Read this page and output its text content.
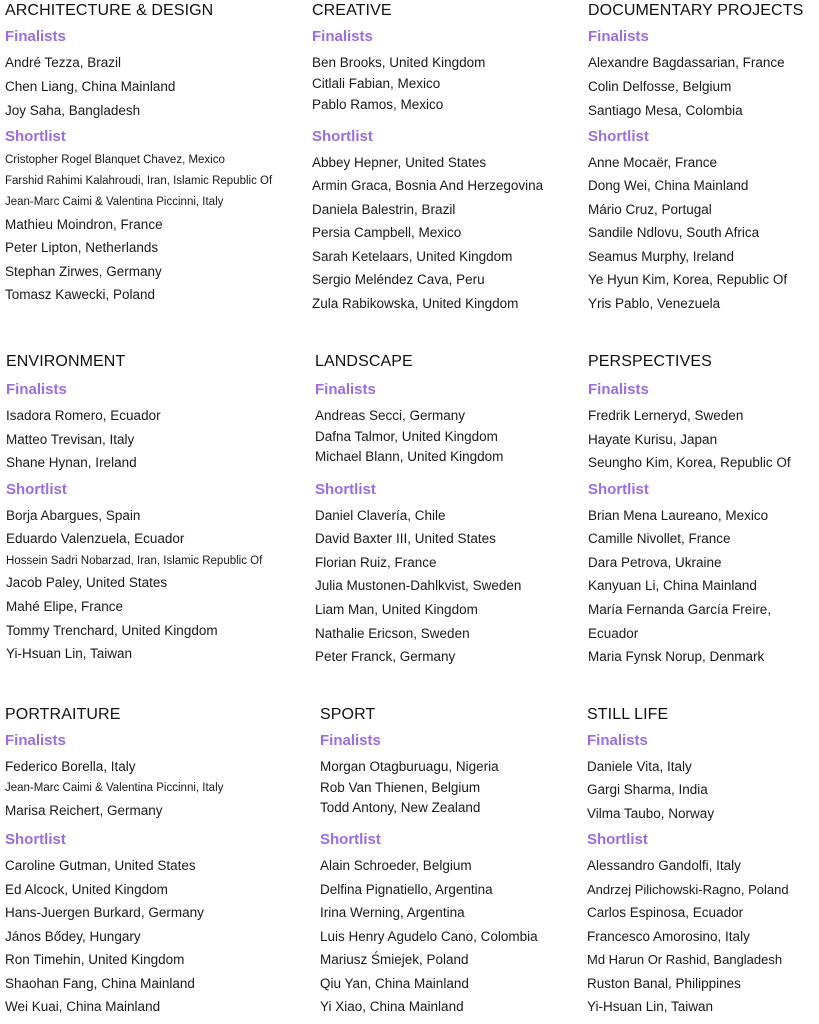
ARCHITECTURE & DESIGN
Finalists
André Tezza, Brazil
Chen Liang, China Mainland
Joy Saha, Bangladesh
Shortlist
Cristopher Rogel Blanquet Chavez, Mexico
Farshid Rahimi Kalahroudi, Iran, Islamic Republic Of
Jean-Marc Caimi & Valentina Piccinni, Italy
Mathieu Moindron, France
Peter Lipton, Netherlands
Stephan Zirwes, Germany
Tomasz Kawecki, Poland
CREATIVE
Finalists
Ben Brooks, United Kingdom
Citlali Fabian, Mexico
Pablo Ramos, Mexico
Shortlist
Abbey Hepner, United States
Armin Graca, Bosnia And Herzegovina
Daniela Balestrin, Brazil
Persia Campbell, Mexico
Sarah Ketelaars, United Kingdom
Sergio Meléndez Cava, Peru
Zula Rabikowska, United Kingdom
DOCUMENTARY PROJECTS
Finalists
Alexandre Bagdassarian, France
Colin Delfosse, Belgium
Santiago Mesa, Colombia
Shortlist
Anne Mocaër, France
Dong Wei, China Mainland
Mário Cruz, Portugal
Sandile Ndlovu, South Africa
Seamus Murphy, Ireland
Ye Hyun Kim, Korea, Republic Of
Yris Pablo, Venezuela
ENVIRONMENT
Finalists
Isadora Romero, Ecuador
Matteo Trevisan, Italy
Shane Hynan, Ireland
Shortlist
Borja Abargues, Spain
Eduardo Valenzuela, Ecuador
Hossein Sadri Nobarzad, Iran, Islamic Republic Of
Jacob Paley, United States
Mahé Elipe, France
Tommy Trenchard, United Kingdom
Yi-Hsuan Lin, Taiwan
LANDSCAPE
Finalists
Andreas Secci, Germany
Dafna Talmor, United Kingdom
Michael Blann, United Kingdom
Shortlist
Daniel Clavería, Chile
David Baxter III, United States
Florian Ruiz, France
Julia Mustonen-Dahlkvist, Sweden
Liam Man, United Kingdom
Nathalie Ericson, Sweden
Peter Franck, Germany
PERSPECTIVES
Finalists
Fredrik Lerneryd, Sweden
Hayate Kurisu, Japan
Seungho Kim, Korea, Republic Of
Shortlist
Brian Mena Laureano, Mexico
Camille Nivollet, France
Dara Petrova, Ukraine
Kanyuan Li, China Mainland
María Fernanda García Freire,
Ecuador
Maria Fynsk Norup, Denmark
PORTRAITURE
Finalists
Federico Borella, Italy
Jean-Marc Caimi & Valentina Piccinni, Italy
Marisa Reichert, Germany
Shortlist
Caroline Gutman, United States
Ed Alcock, United Kingdom
Hans-Juergen Burkard, Germany
János Bődey, Hungary
Ron Timehin, United Kingdom
Shaohan Fang, China Mainland
Wei Kuai, China Mainland
SPORT
Finalists
Morgan Otagburuagu, Nigeria
Rob Van Thienen, Belgium
Todd Antony, New Zealand
Shortlist
Alain Schroeder, Belgium
Delfina Pignatiello, Argentina
Irina Werning, Argentina
Luis Henry Agudelo Cano, Colombia
Mariusz Śmiejek, Poland
Qiu Yan, China Mainland
Yi Xiao, China Mainland
STILL LIFE
Finalists
Daniele Vita, Italy
Gargi Sharma, India
Vilma Taubo, Norway
Shortlist
Alessandro Gandolfi, Italy
Andrzej Pilichowski-Ragno, Poland
Carlos Espinosa, Ecuador
Francesco Amorosino, Italy
Md Harun Or Rashid, Bangladesh
Ruston Banal, Philippines
Yi-Hsuan Lin, Taiwan
